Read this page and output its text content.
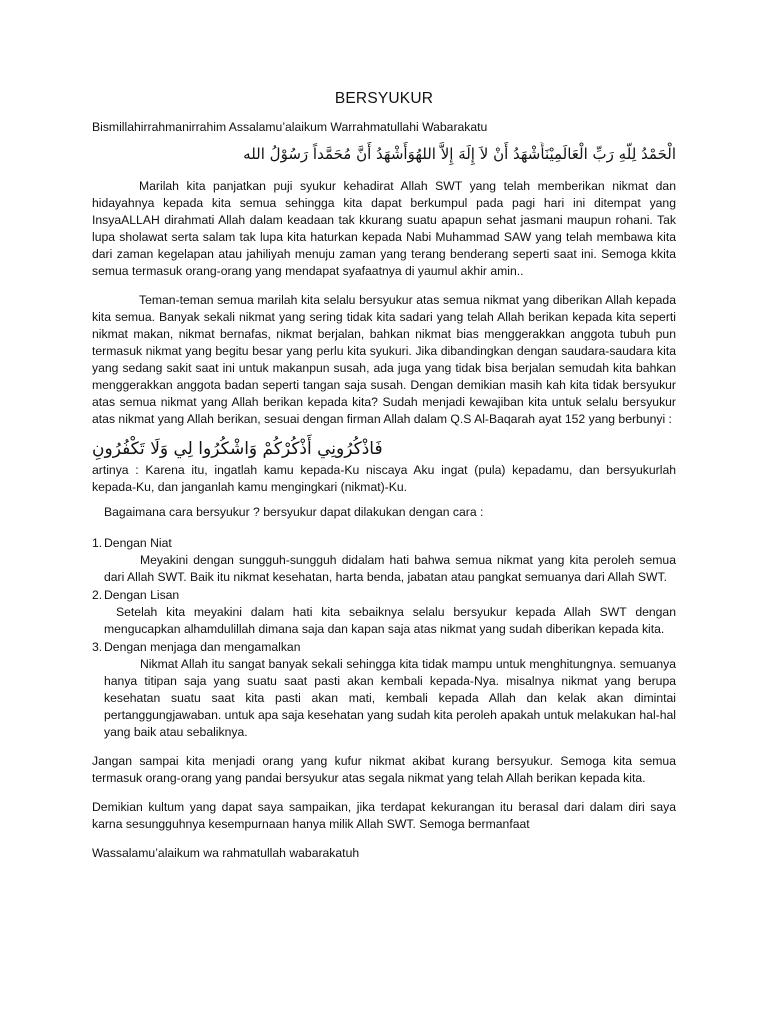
BERSYUKUR
Bismillahirrahmanirrahim Assalamu’alaikum Warrahmatullahi Wabarakatu
الْحَمْدُ لِلّهِ رَبِّ الْعَالَمِيْنَأَشْهَدُ أَنْ لاَ إِلَهَ إِلاَّ اللهُوَأَشْهَدُ أَنَّ مُحَمَّداً رَسُوْلُ الله

Marilah kita panjatkan puji syukur kehadirat Allah SWT yang telah memberikan nikmat dan hidayahnya kepada kita semua sehingga kita dapat berkumpul pada pagi hari ini ditempat yang InsyaALLAH dirahmati Allah dalam keadaan tak kkurang suatu apapun sehat jasmani maupun rohani. Tak lupa sholawat serta salam tak lupa kita haturkan kepada Nabi Muhammad SAW yang telah membawa kita dari zaman kegelapan atau jahiliyah menuju zaman yang terang benderang seperti saat ini. Semoga kkita semua termasuk orang-orang yang mendapat syafaatnya di yaumul akhir amin..

Teman-teman semua marilah kita selalu bersyukur atas semua nikmat yang diberikan Allah kepada kita semua. Banyak sekali nikmat yang sering tidak kita sadari yang telah Allah berikan kepada kita seperti nikmat makan, nikmat bernafas, nikmat berjalan, bahkan nikmat bias menggerakkan anggota tubuh pun termasuk nikmat yang begitu besar yang perlu kita syukuri. Jika dibandingkan dengan saudara-saudara kita yang sedang sakit saat ini untuk makanpun susah, ada juga yang tidak bisa berjalan semudah kita bahkan menggerakkan anggota badan seperti tangan saja susah. Dengan demikian masih kah kita tidak bersyukur atas semua nikmat yang Allah berikan kepada kita? Sudah menjadi kewajiban kita untuk selalu bersyukur atas nikmat yang Allah berikan, sesuai dengan firman Allah dalam Q.S Al-Baqarah ayat 152 yang berbunyi :

فَاذْكُرُونِي أَذْكُرْكُمْ وَاشْكُرُوا لِي وَلَا تَكْفُرُونِ

artinya : Karena itu, ingatlah kamu kepada-Ku niscaya Aku ingat (pula) kepadamu, dan bersyukurlah kepada-Ku, dan janganlah kamu mengingkari (nikmat)-Ku.

Bagaimana cara bersyukur ? bersyukur dapat dilakukan dengan cara :

1. Dengan Niat
Meyakini dengan sungguh-sungguh didalam hati bahwa semua nikmat yang kita peroleh semua dari Allah SWT. Baik itu nikmat kesehatan, harta benda, jabatan atau pangkat semuanya dari Allah SWT.
2. Dengan Lisan
Setelah kita meyakini dalam hati kita sebaiknya selalu bersyukur kepada Allah SWT dengan mengucapkan alhamdulillah dimana saja dan kapan saja atas nikmat yang sudah diberikan kepada kita.
3. Dengan menjaga dan mengamalkan
Nikmat Allah itu sangat banyak sekali sehingga kita tidak mampu untuk menghitungnya. semuanya hanya titipan saja yang suatu saat pasti akan kembali kepada-Nya. misalnya nikmat yang berupa kesehatan suatu saat kita pasti akan mati, kembali kepada Allah dan kelak akan dimintai pertanggungjawaban. untuk apa saja kesehatan yang sudah kita peroleh apakah untuk melakukan hal-hal yang baik atau sebaliknya.

Jangan sampai kita menjadi orang yang kufur nikmat akibat kurang bersyukur. Semoga kita semua termasuk orang-orang yang pandai bersyukur atas segala nikmat yang telah Allah berikan kepada kita.

Demikian kultum yang dapat saya sampaikan, jika terdapat kekurangan itu berasal dari dalam diri saya karna sesungguhnya kesempurnaan hanya milik Allah SWT. Semoga bermanfaat

Wassalamu’alaikum wa rahmatullah wabarakatuh
